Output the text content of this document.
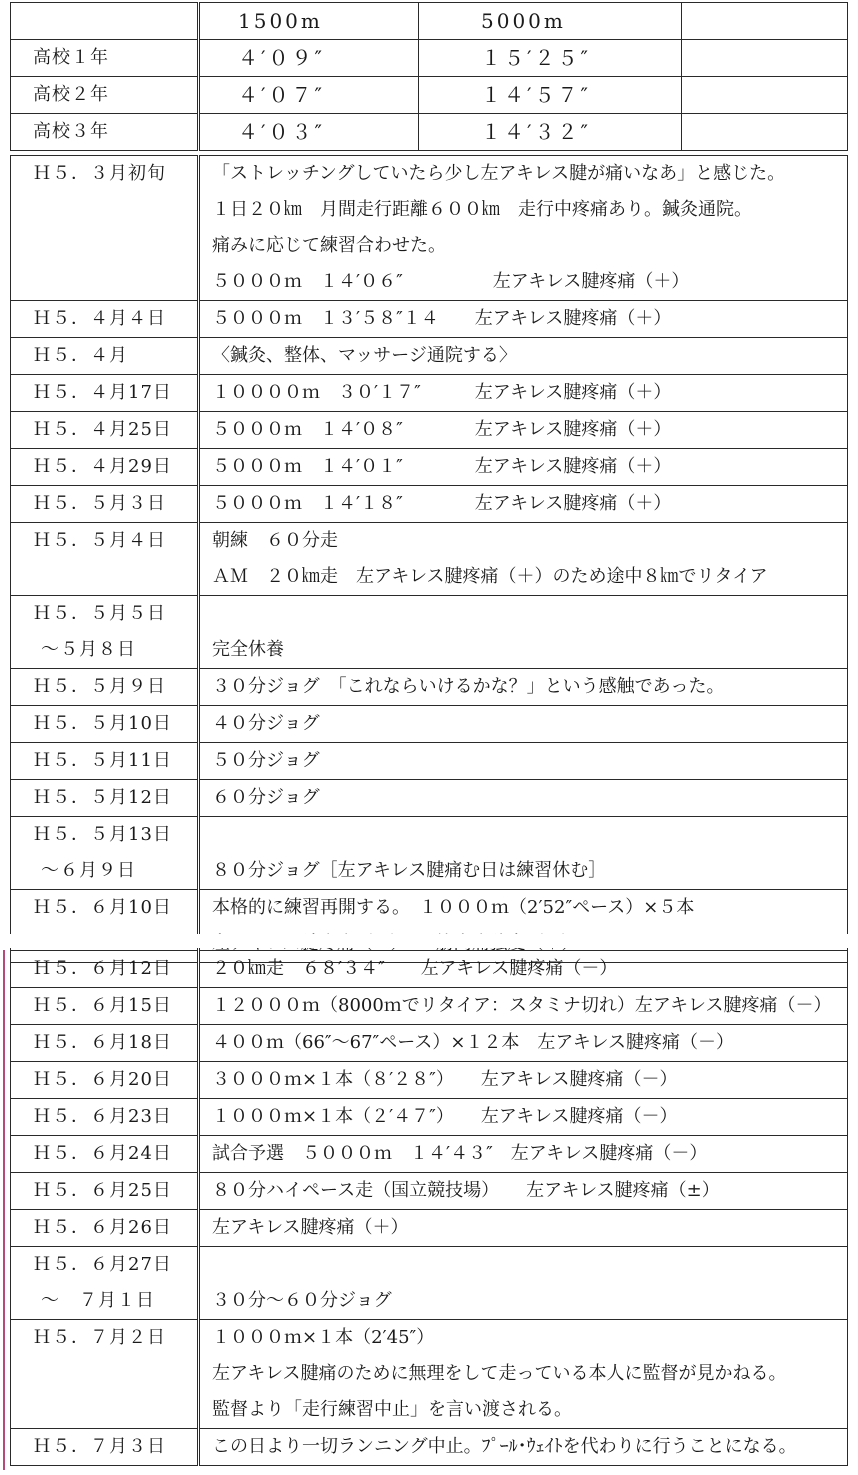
	1500m	5000m	
高校１年	４′０９″	１５′２５″	
高校２年	４′０７″	１４′５７″	
高校３年	４′０３″	１４′３２″	
Ｈ５．３月初旬	「ストレッチングしていたら少し左アキレス腱が痛いなあ」と感じた。
１日２０㎞　月間走行距離６００㎞　走行中疼痛あり。鍼灸通院。
痛みに応じて練習合わせた。
５０００ｍ　１４′０６″　　　　　左アキレス腱疼痛（＋）

Ｈ５．４月４日	５０００ｍ　１３′５８″１４　　左アキレス腱疼痛（＋）

Ｈ５．４月	〈鍼灸、整体、マッサージ通院する〉

Ｈ５．４月17日	１００００ｍ　３０′１７″　　　左アキレス腱疼痛（＋）

Ｈ５．４月25日	５０００ｍ　１４′０８″　　　　左アキレス腱疼痛（＋）

Ｈ５．４月29日	５０００ｍ　１４′０１″　　　　左アキレス腱疼痛（＋）

Ｈ５．５月３日	５０００ｍ　１４′１８″　　　　左アキレス腱疼痛（＋）

Ｈ５．５月４日	朝練　６０分走
ＡＭ　２０㎞走　左アキレス腱疼痛（＋）のため途中８㎞でリタイア

Ｈ５．５月５日
～５月８日	完全休養

Ｈ５．５月９日	３０分ジョグ　「これならいけるかな？」という感触であった。

Ｈ５．５月10日	４０分ジョグ

Ｈ５．５月11日	５０分ジョグ

Ｈ５．５月12日	６０分ジョグ

Ｈ５．５月13日
～６月９日	８０分ジョグ［左アキレス腱痛む日は練習休む］

Ｈ５．６月10日	本格的に練習再開する。　１０００ｍ（2′52″ペース）×５本
Ｈ５．６月12日	２０㎞走　６８′３４″　　左アキレス腱疼痛（－）

Ｈ５．６月15日	１２０００ｍ（8000ｍでリタイア：スタミナ切れ）左アキレス腱疼痛（－）

Ｈ５．６月18日	４００ｍ（66″～67″ペース）×１２本　左アキレス腱疼痛（－）

Ｈ５．６月20日	３０００ｍ×１本（８′２８″）　　左アキレス腱疼痛（－）

Ｈ５．６月23日	１０００ｍ×１本（２′４７″）　　左アキレス腱疼痛（－）

Ｈ５．６月24日	試合予選　５０００ｍ　１４′４３″　左アキレス腱疼痛（－）

Ｈ５．６月25日	８０分ハイペース走（国立競技場）　　左アキレス腱疼痛（±）

Ｈ５．６月26日	左アキレス腱疼痛（＋）

Ｈ５．６月27日
～　７月１日	３０分～６０分ジョグ

Ｈ５．７月２日	１０００ｍ×１本（2′45″）
左アキレス腱痛のために無理をして走っている本人に監督が見かねる。
監督より「走行練習中止」を言い渡される。

Ｈ５．７月３日	この日より一切ランニング中止。ﾌﾟｰﾙ･ｳｪｲﾄを代わりに行うことになる。
